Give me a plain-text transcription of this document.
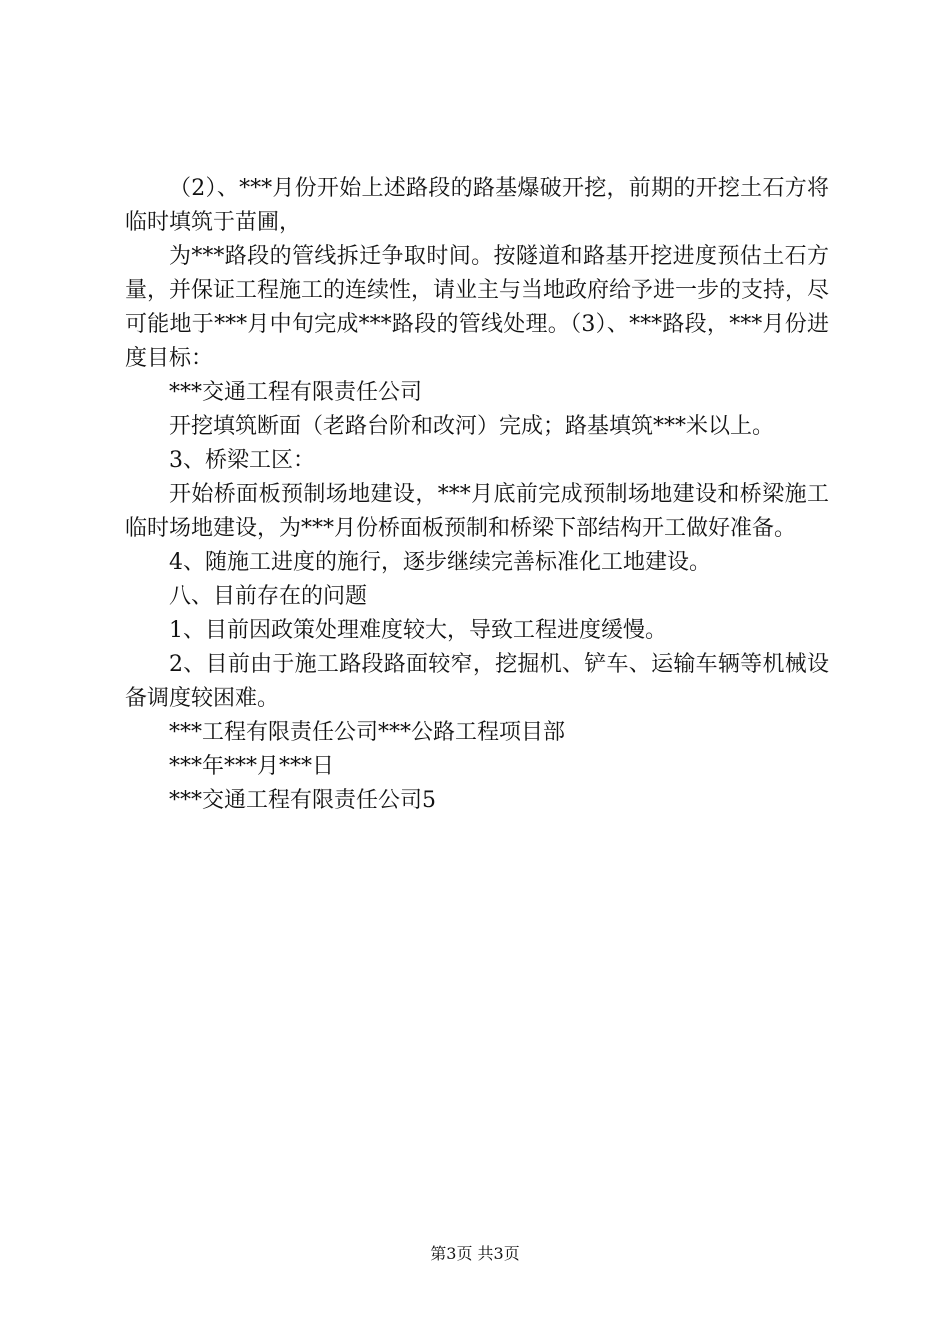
（2）、***月份开始上述路段的路基爆破开挖，前期的开挖土石方将临时填筑于苗圃，

为***路段的管线拆迁争取时间。按隧道和路基开挖进度预估土石方量，并保证工程施工的连续性，请业主与当地政府给予进一步的支持，尽可能地于***月中旬完成***路段的管线处理。（3）、***路段，***月份进度目标：

***交通工程有限责任公司

开挖填筑断面（老路台阶和改河）完成；路基填筑***米以上。

3、桥梁工区：

开始桥面板预制场地建设，***月底前完成预制场地建设和桥梁施工临时场地建设，为***月份桥面板预制和桥梁下部结构开工做好准备。

4、随施工进度的施行，逐步继续完善标准化工地建设。

八、目前存在的问题

1、目前因政策处理难度较大，导致工程进度缓慢。

2、目前由于施工路段路面较窄，挖掘机、铲车、运输车辆等机械设备调度较困难。

***工程有限责任公司***公路工程项目部

***年***月***日

***交通工程有限责任公司5

第3页 共3页
